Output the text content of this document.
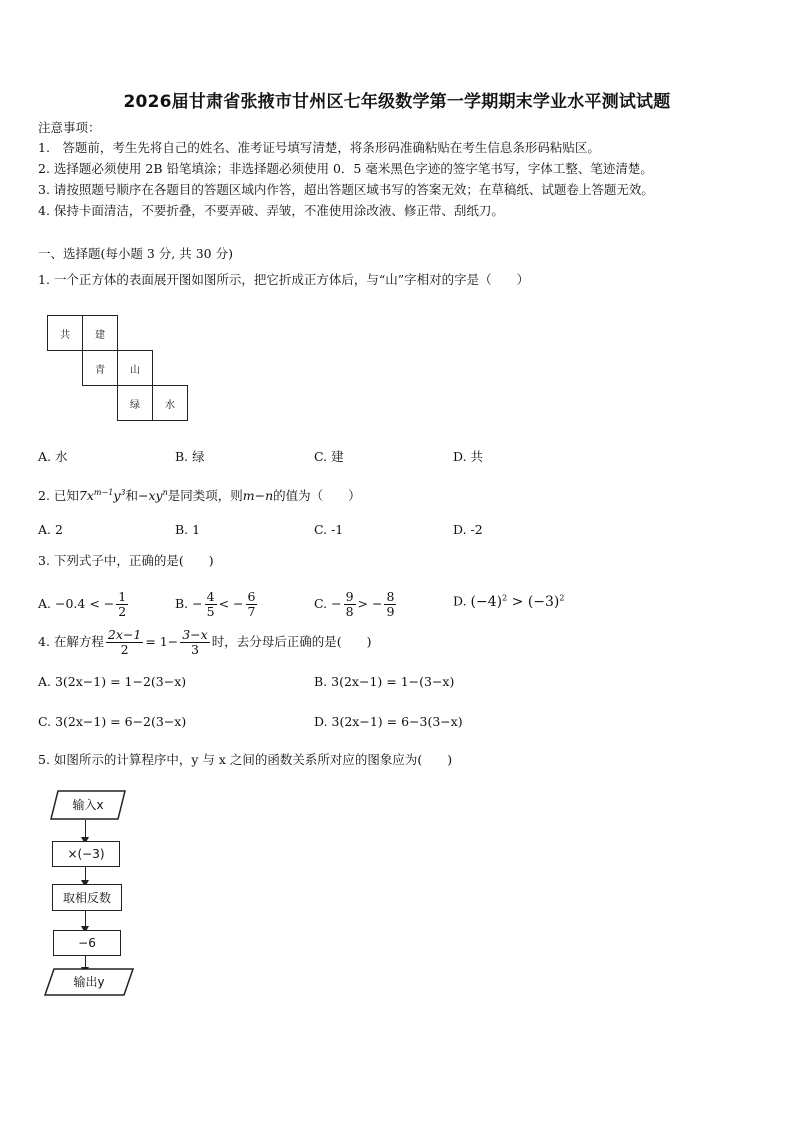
2026届甘肃省张掖市甘州区七年级数学第一学期期末学业水平测试试题
注意事项：
1.　答题前，考生先将自己的姓名、准考证号填写清楚，将条形码准确粘贴在考生信息条形码粘贴区。
2. 选择题必须使用 2B 铅笔填涂；非选择题必须使用 0．5 毫米黑色字迹的签字笔书写，字体工整、笔迹清楚。
3. 请按照题号顺序在各题目的答题区域内作答，超出答题区域书写的答案无效；在草稿纸、试题卷上答题无效。
4. 保持卡面清洁，不要折叠，不要弄破、弄皱，不准使用涂改液、修正带、刮纸刀。
一、选择题(每小题 3 分, 共 30 分)
1. 一个正方体的表面展开图如图所示，把它折成正方体后，与“山”字相对的字是（　　）
共	建
青	山
绿	水
A. 水	B. 绿	C. 建	D. 共
2. 已知$7x^{m-1}y^3$和$-xy^n$是同类项，则m−n的值为（　　）
A. 2	B. 1	C. -1	D. -2
3. 下列式子中，正确的是(　　)
A. −0.4 < − $\frac{1}{2}$	B. − $\frac{4}{5}$ < − $\frac{6}{7}$	C. − $\frac{9}{8}$ > − $\frac{8}{9}$	D. $(-4)^2 > (-3)^2$
4. 在解方程 $\frac{2x-1}{2} = 1- \frac{3-x}{3}$ 时，去分母后正确的是(　　)
A. 3(2x−1) = 1−2(3−x)	B. 3(2x−1) = 1−(3−x)
C. 3(2x−1) = 6−2(3−x)	D. 3(2x−1) = 6−3(3−x)
5. 如图所示的计算程序中，y 与 x 之间的函数关系所对应的图象应为(　　)
输入x
×(−3)
取相反数
−6
输出y
